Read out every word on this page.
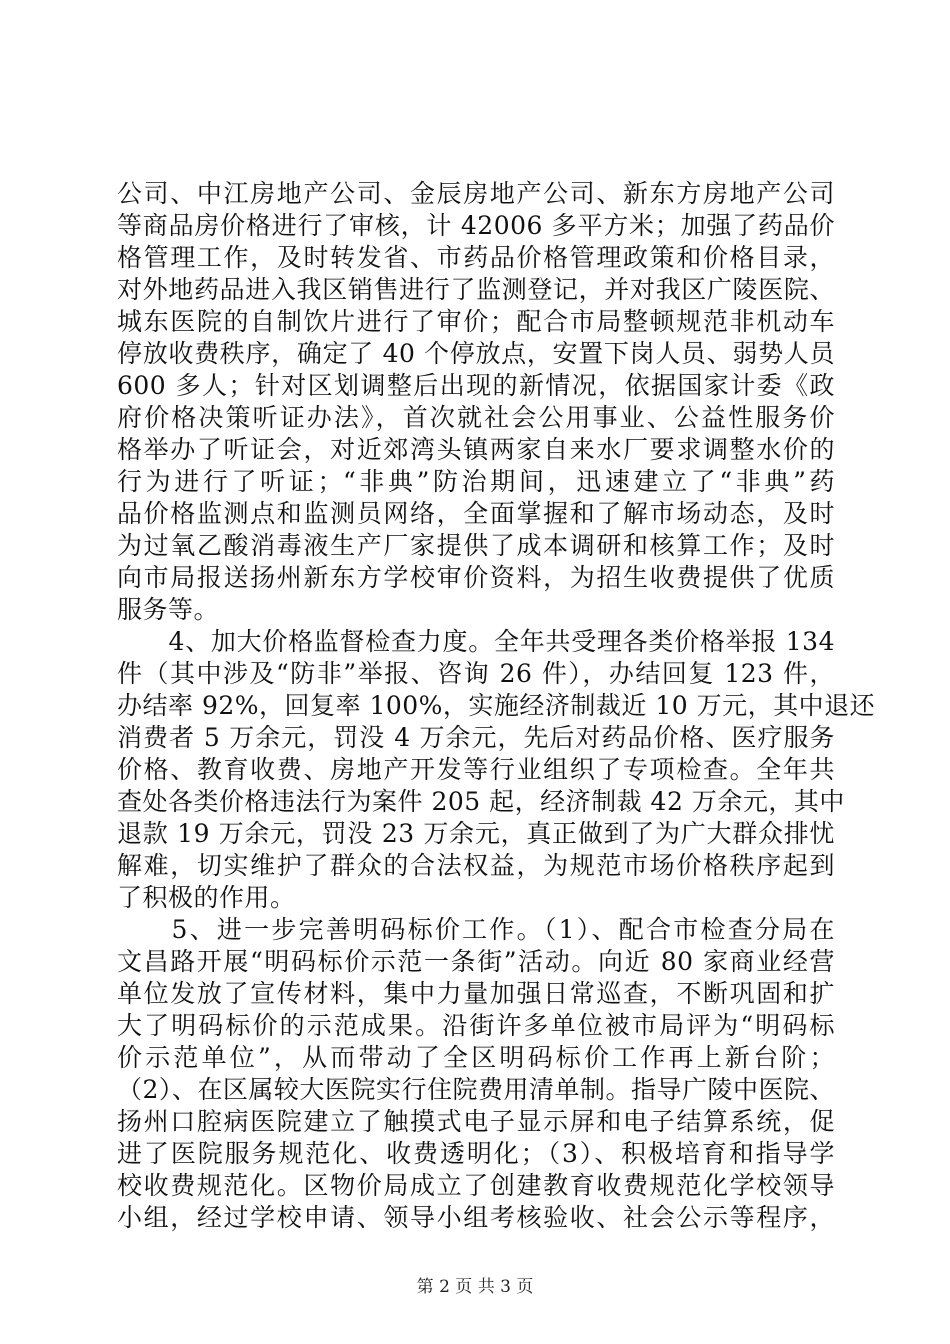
公司、中江房地产公司、金辰房地产公司、新东方房地产公司
等商品房价格进行了审核，计 42006 多平方米；加强了药品价
格管理工作，及时转发省、市药品价格管理政策和价格目录，
对外地药品进入我区销售进行了监测登记，并对我区广陵医院、
城东医院的自制饮片进行了审价；配合市局整顿规范非机动车
停放收费秩序，确定了 40 个停放点，安置下岗人员、弱势人员
600 多人；针对区划调整后出现的新情况，依据国家计委《政
府价格决策听证办法》，首次就社会公用事业、公益性服务价
格举办了听证会，对近郊湾头镇两家自来水厂要求调整水价的
行为进行了听证；“非典”防治期间，迅速建立了“非典”药
品价格监测点和监测员网络，全面掌握和了解市场动态，及时
为过氧乙酸消毒液生产厂家提供了成本调研和核算工作；及时
向市局报送扬州新东方学校审价资料，为招生收费提供了优质
服务等。
　　4、加大价格监督检查力度。全年共受理各类价格举报 134
件（其中涉及“防非”举报、咨询 26 件），办结回复 123 件，
办结率 92%，回复率 100%，实施经济制裁近 10 万元，其中退还
消费者 5 万余元，罚没 4 万余元，先后对药品价格、医疗服务
价格、教育收费、房地产开发等行业组织了专项检查。全年共
查处各类价格违法行为案件 205 起，经济制裁 42 万余元，其中
退款 19 万余元，罚没 23 万余元，真正做到了为广大群众排忧
解难，切实维护了群众的合法权益，为规范市场价格秩序起到
了积极的作用。
　　5、进一步完善明码标价工作。（1）、配合市检查分局在
文昌路开展“明码标价示范一条街”活动。向近 80 家商业经营
单位发放了宣传材料，集中力量加强日常巡查，不断巩固和扩
大了明码标价的示范成果。沿街许多单位被市局评为“明码标
价示范单位”，从而带动了全区明码标价工作再上新台阶；
（2）、在区属较大医院实行住院费用清单制。指导广陵中医院、
扬州口腔病医院建立了触摸式电子显示屏和电子结算系统，促
进了医院服务规范化、收费透明化；（3）、积极培育和指导学
校收费规范化。区物价局成立了创建教育收费规范化学校领导
小组，经过学校申请、领导小组考核验收、社会公示等程序，
第 2 页 共 3 页
